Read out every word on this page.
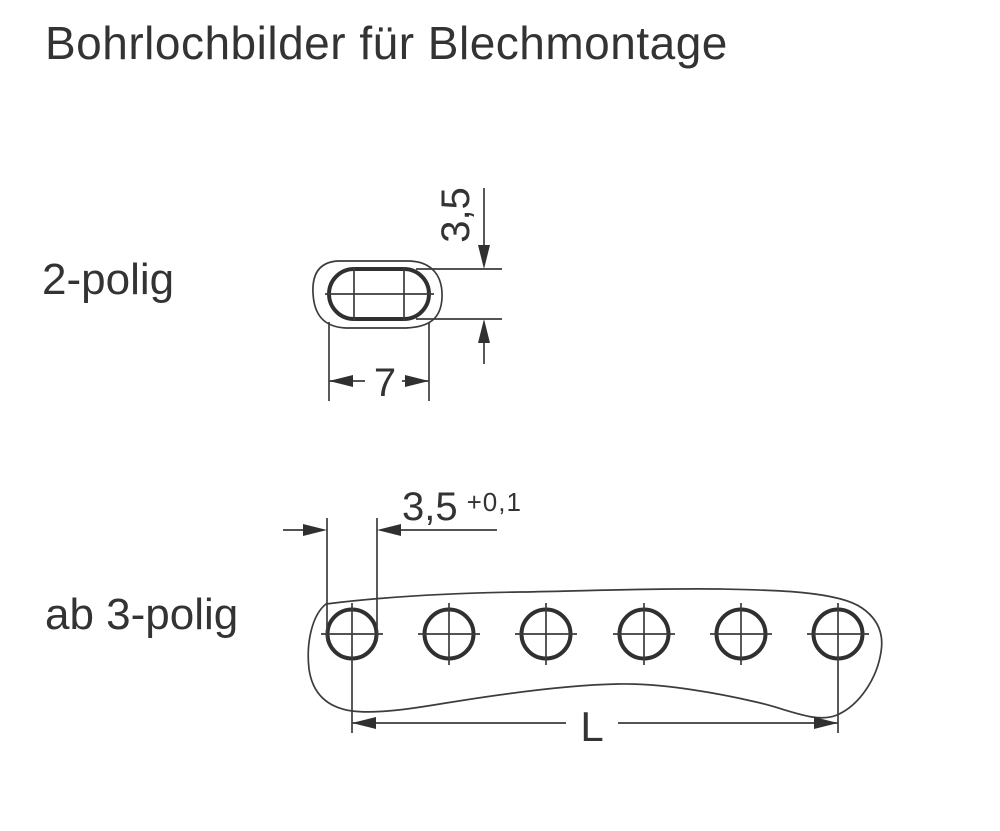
Bohrlochbilder für Blechmontage
2-polig
3,5
7
ab 3-polig
3,5 $^{+0,1}$
L
